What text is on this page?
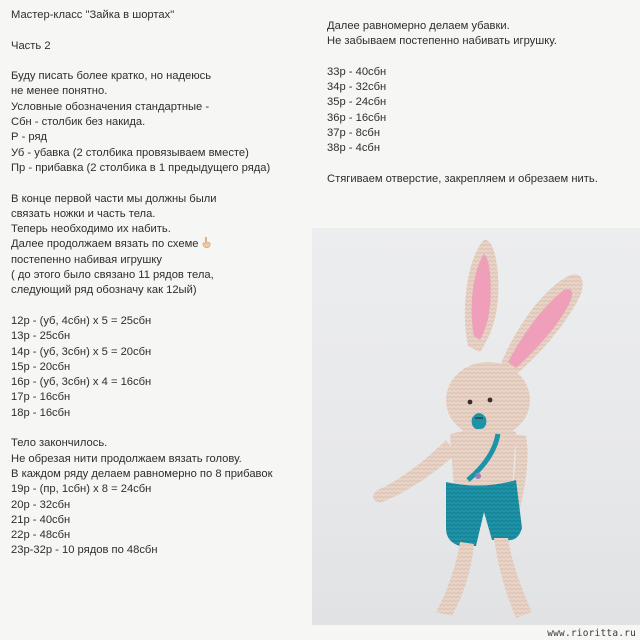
Мастер-класс "Зайка в шортах"
Часть 2
Буду писать более кратко, но надеюсь
не менее понятно.
Условные обозначения стандартные -
Сбн - столбик без накида.
Р - ряд
Уб - убавка (2 столбика провязываем вместе)
Пр - прибавка (2 столбика в 1 предыдущего ряда)
В конце первой части мы должны были
связать ножки и часть тела.
Теперь необходимо их набить.
Далее продолжаем вязать по схеме
постепенно набивая игрушку
( до этого было связано 11 рядов тела,
следующий ряд обозначу как 12ый)
12р - (уб, 4сбн) х 5 = 25сбн
13р - 25сбн
14р - (уб, 3сбн) х 5 = 20сбн
15р - 20сбн
16р - (уб, 3сбн) х 4 = 16сбн
17р - 16сбн
18р - 16сбн
Тело закончилось.
Не обрезая нити продолжаем вязать голову.
В каждом ряду делаем равномерно по 8 прибавок
19р - (пр, 1сбн) х 8 = 24сбн
20р - 32сбн
21р - 40сбн
22р - 48сбн
23р-32р - 10 рядов по 48сбн
Далее равномерно делаем убавки.
Не забываем постепенно набивать игрушку.
33р - 40сбн
34р - 32сбн
35р - 24сбн
36р - 16сбн
37р - 8сбн
38р - 4сбн
Стягиваем отверстие, закрепляем и обрезаем нить.
www.rioritta.ru
